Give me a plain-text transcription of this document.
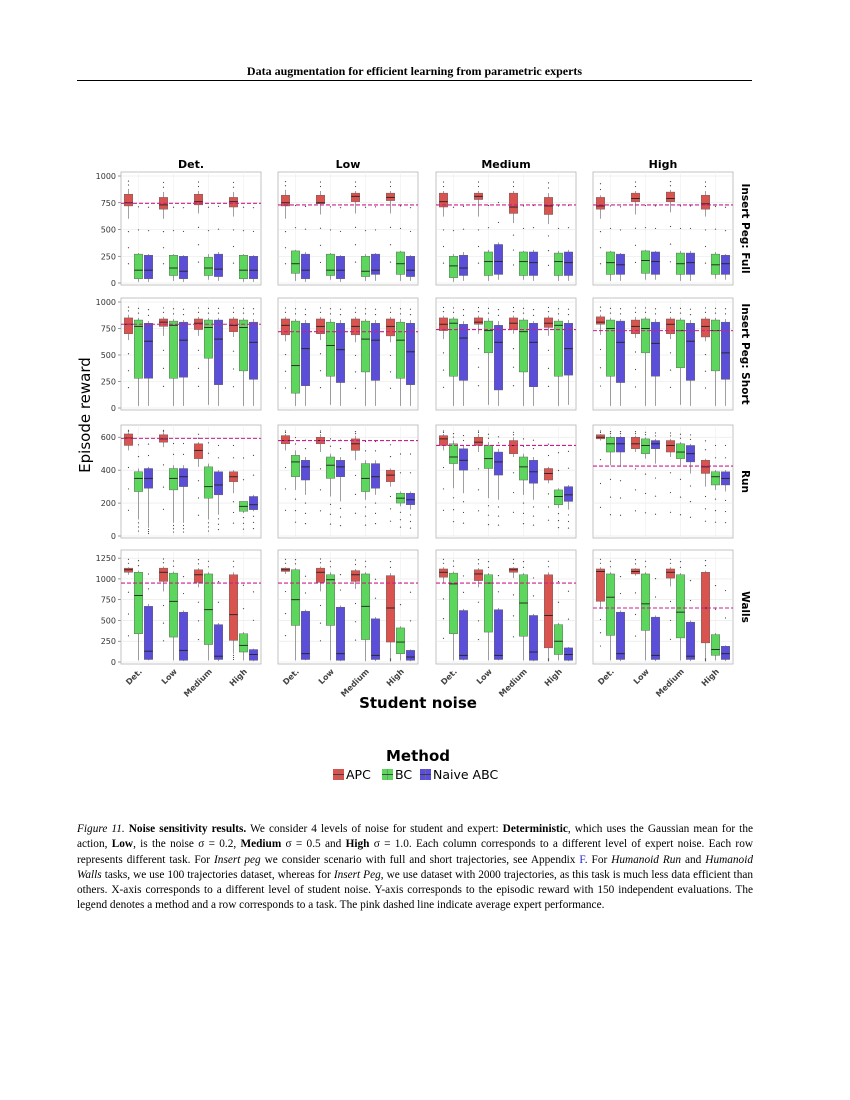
Data augmentation for efficient learning from parametric experts
Episode reward
Student noise
Method
Det.	Low	Medium	High
0
250
500
750
1000
Insert Peg: Full
0
250
500
750
1000
Insert Peg: Short
0
200
400
600
Run
0
250
500
750
1000
1250
Walls
Det. Low Medium High	Det. Low Medium High	Det. Low Medium High	Det. Low Medium High
APC BC Naive ABC
Figure 11. Noise sensitivity results. We consider 4 levels of noise for student and expert: Deterministic, which uses the Gaussian mean for the action, Low, is the noise σ = 0.2, Medium σ = 0.5 and High σ = 1.0. Each column corresponds to a different level of expert noise. Each row represents different task. For Insert peg we consider scenario with full and short trajectories, see Appendix F. For Humanoid Run and Humanoid Walls tasks, we use 100 trajectories dataset, whereas for Insert Peg, we use dataset with 2000 trajectories, as this task is much less data efficient than others. X-axis corresponds to a different level of student noise. Y-axis corresponds to the episodic reward with 150 independent evaluations. The legend denotes a method and a row corresponds to a task. The pink dashed line indicate average expert performance.
